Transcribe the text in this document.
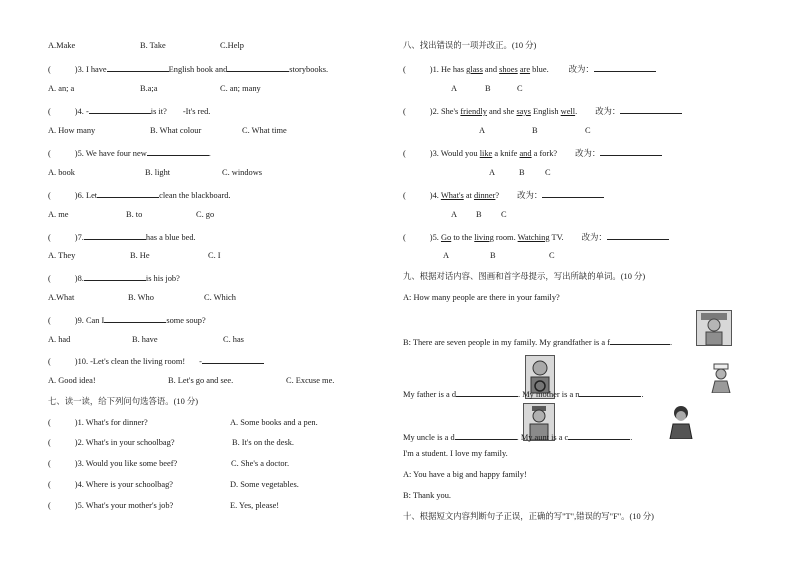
A.Make	B. Take	C.Help
(	)3. I have	English book and	storybooks.
A. an; a	B.a;a	C. an; many
(	)4. -	is it? -It's red.
A. How many	B. What colour	C. What time
(	)5. We have four new	.
A. book	B. light	C. windows
(	)6. Let	clean the blackboard.
A. me	B. to	C. go
(	)7.	has a blue bed.
A. They	B. He	C. I
(	)8.	is his job?
A.What	B. Who	C. Which
(	)9. Can I	some soup?
A. had	B. have	C. has
(	)10. -Let's clean the living room! -
A. Good idea!	B. Let's go and see.	C. Excuse me.
七、读一读，给下列问句选答语。(10 分)
(	)1. What's for dinner?	A. Some books and a pen.
(	)2. What's in your schoolbag?	B. It's on the desk.
(	)3. Would you like some beef?	C. She's a doctor.
(	)4. Where is your schoolbag?	D. Some vegetables.
(	)5. What's your mother's job?	E. Yes, please!
八、找出错误的一项并改正。(10 分)
(	)1. He has glass and shoes are blue. 改为：
A	B	C
(	)2. She's friendly and she says English well. 改为：
A	B	C
(	)3. Would you like a knife and a fork? 改为：
A	B C
(	)4. What's at dinner? 改为：
A B C
(	)5. Go to the living room. Watching TV. 改为：
A	B	C
九、根据对话内容、图画和首字母提示，写出所缺的单词。(10 分)
A: How many people are there in your family?
B: There are seven people in my family. My grandfather is a f	.
My father is a d	. My mother is a n	.
My uncle is a d	. My aunt is a c	.
I'm a student. I love my family.
A: You have a big and happy family!
B: Thank you.
十、根据短文内容判断句子正误，正确的写"T",错误的写"F"。(10 分)
